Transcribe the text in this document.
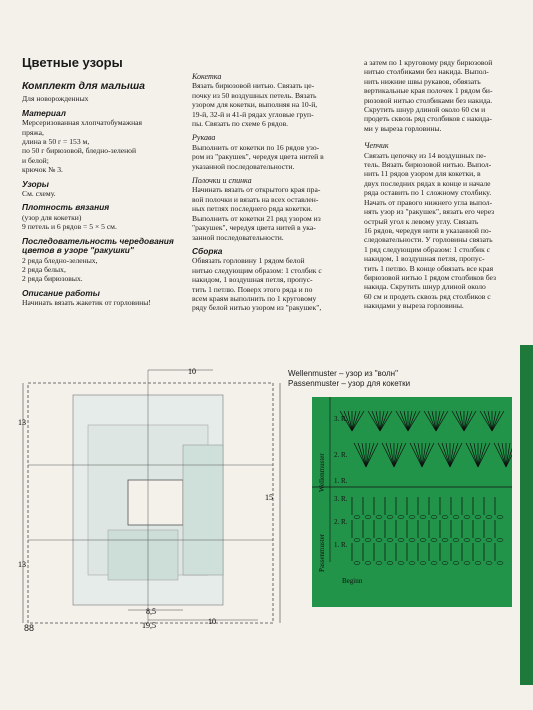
Цветные узоры
Комплект для малыша
Для новорожденных
Материал
Мерсеризованная хлопчатобумажная
пряжа,
длина в 50 г = 153 м,
по 50 г бирюзовой, бледно-зеленой
и белой;
крючок № 3.
Узоры
См. схему.
Плотность вязания
(узор для кокетки)
9 петель и 6 рядов = 5 × 5 см.
Последовательность чередования цветов в узоре "ракушки"
2 ряда бледно-зеленых,
2 ряда белых,
2 ряда бирюзовых.
Описание работы
Начинать вязать жакетик от горловины!
Кокетка
Вязать бирюзовой нитью. Связать це-
почку из 50 воздушных петель. Вязать
узором для кокетки, выполняя на 10-й,
19-й, 32-й и 41-й рядах угловые груп-
пы. Связать по схеме 6 рядов.
Рукава
Выполнить от кокетки по 16 рядов узо-
ром из "ракушек", чередуя цвета нитей в
указанной последовательности.
Полочки и спинка
Начинать вязать от открытого края пра-
вой полочки и вязать на всех оставлен-
ных петлях последнего ряда кокетки.
Выполнить от кокетки 21 ряд узором из
"ракушек", чередуя цвета нитей в ука-
занной последовательности.
Сборка
Обвязать горловину 1 рядом белой
нитью следующим образом: 1 столбик с
накидом, 1 воздушная петля, пропус-
тить 1 петлю. Поверх этого ряда и по
всем краям выполнить по 1 круговому
ряду белой нитью узором из "ракушек",
а затем по 1 круговому ряду бирюзовой
нитью столбиками без накида. Выпол-
нить нижние швы рукавов, обвязать
вертикальные края полочек 1 рядом би-
рюзовой нитью столбиками без накида.
Скрутить шнур длиной около 60 см и
продеть сквозь ряд столбиков с накида-
ми у выреза горловины.
Чепчик
Связать цепочку из 14 воздушных пе-
тель. Вязать бирюзовой нитью. Выпол-
нить 11 рядов узором для кокетки, в
двух последних рядах в конце и начале
ряда оставить по 1 сложному столбику.
Начать от правого нижнего угла выпол-
нять узор из "ракушек", вязать его через
острый угол к левому углу. Связать
16 рядов, чередуя нити в указанной по-
следовательности. У горловины связать
1 ряд следующим образом: 1 столбик с
накидом, 1 воздушная петля, пропус-
тить 1 петлю. В конце обвязать все края
бирюзовой нитью 1 рядом столбиков без
накида. Скрутить шнур длиной около
60 см и продеть сквозь ряд столбиков с
накидами у выреза горловины.
10
13
13
15
8,5
19,5	10
Wellenmuster – узор из "волн"
Passenmuster – узор для кокетки
Wellenmuster
Passenmuster
3. R.
2. R.
1. R.
3. R.
2. R.
1. R.
Beginn
88
